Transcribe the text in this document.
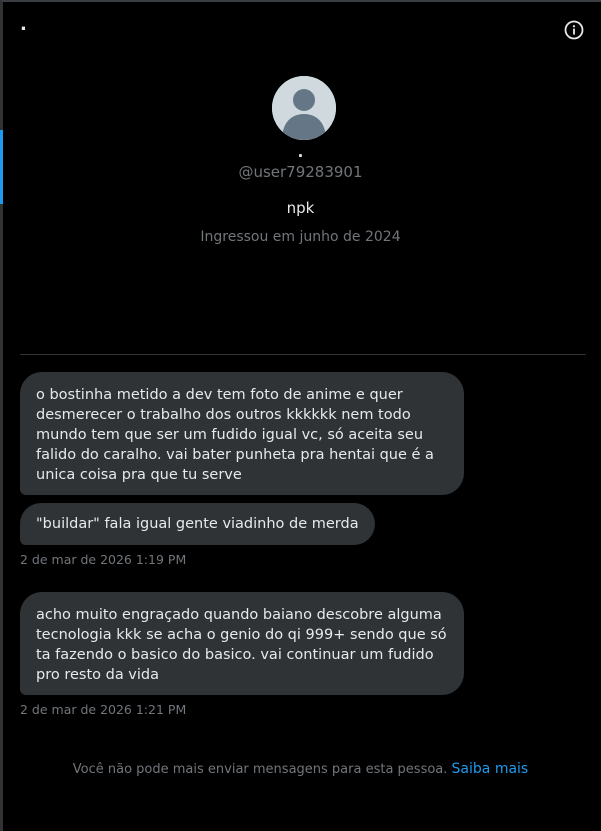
.
.
@user79283901
npk
Ingressou em junho de 2024
o bostinha metido a dev tem foto de anime e quer desmerecer o trabalho dos outros kkkkkk nem todo mundo tem que ser um fudido igual vc, só aceita seu falido do caralho. vai bater punheta pra hentai que é a unica coisa pra que tu serve
"buildar" fala igual gente viadinho de merda
2 de mar de 2026 1:19 PM
acho muito engraçado quando baiano descobre alguma tecnologia kkk se acha o genio do qi 999+ sendo que só ta fazendo o basico do basico. vai continuar um fudido pro resto da vida
2 de mar de 2026 1:21 PM
Você não pode mais enviar mensagens para esta pessoa. Saiba mais
